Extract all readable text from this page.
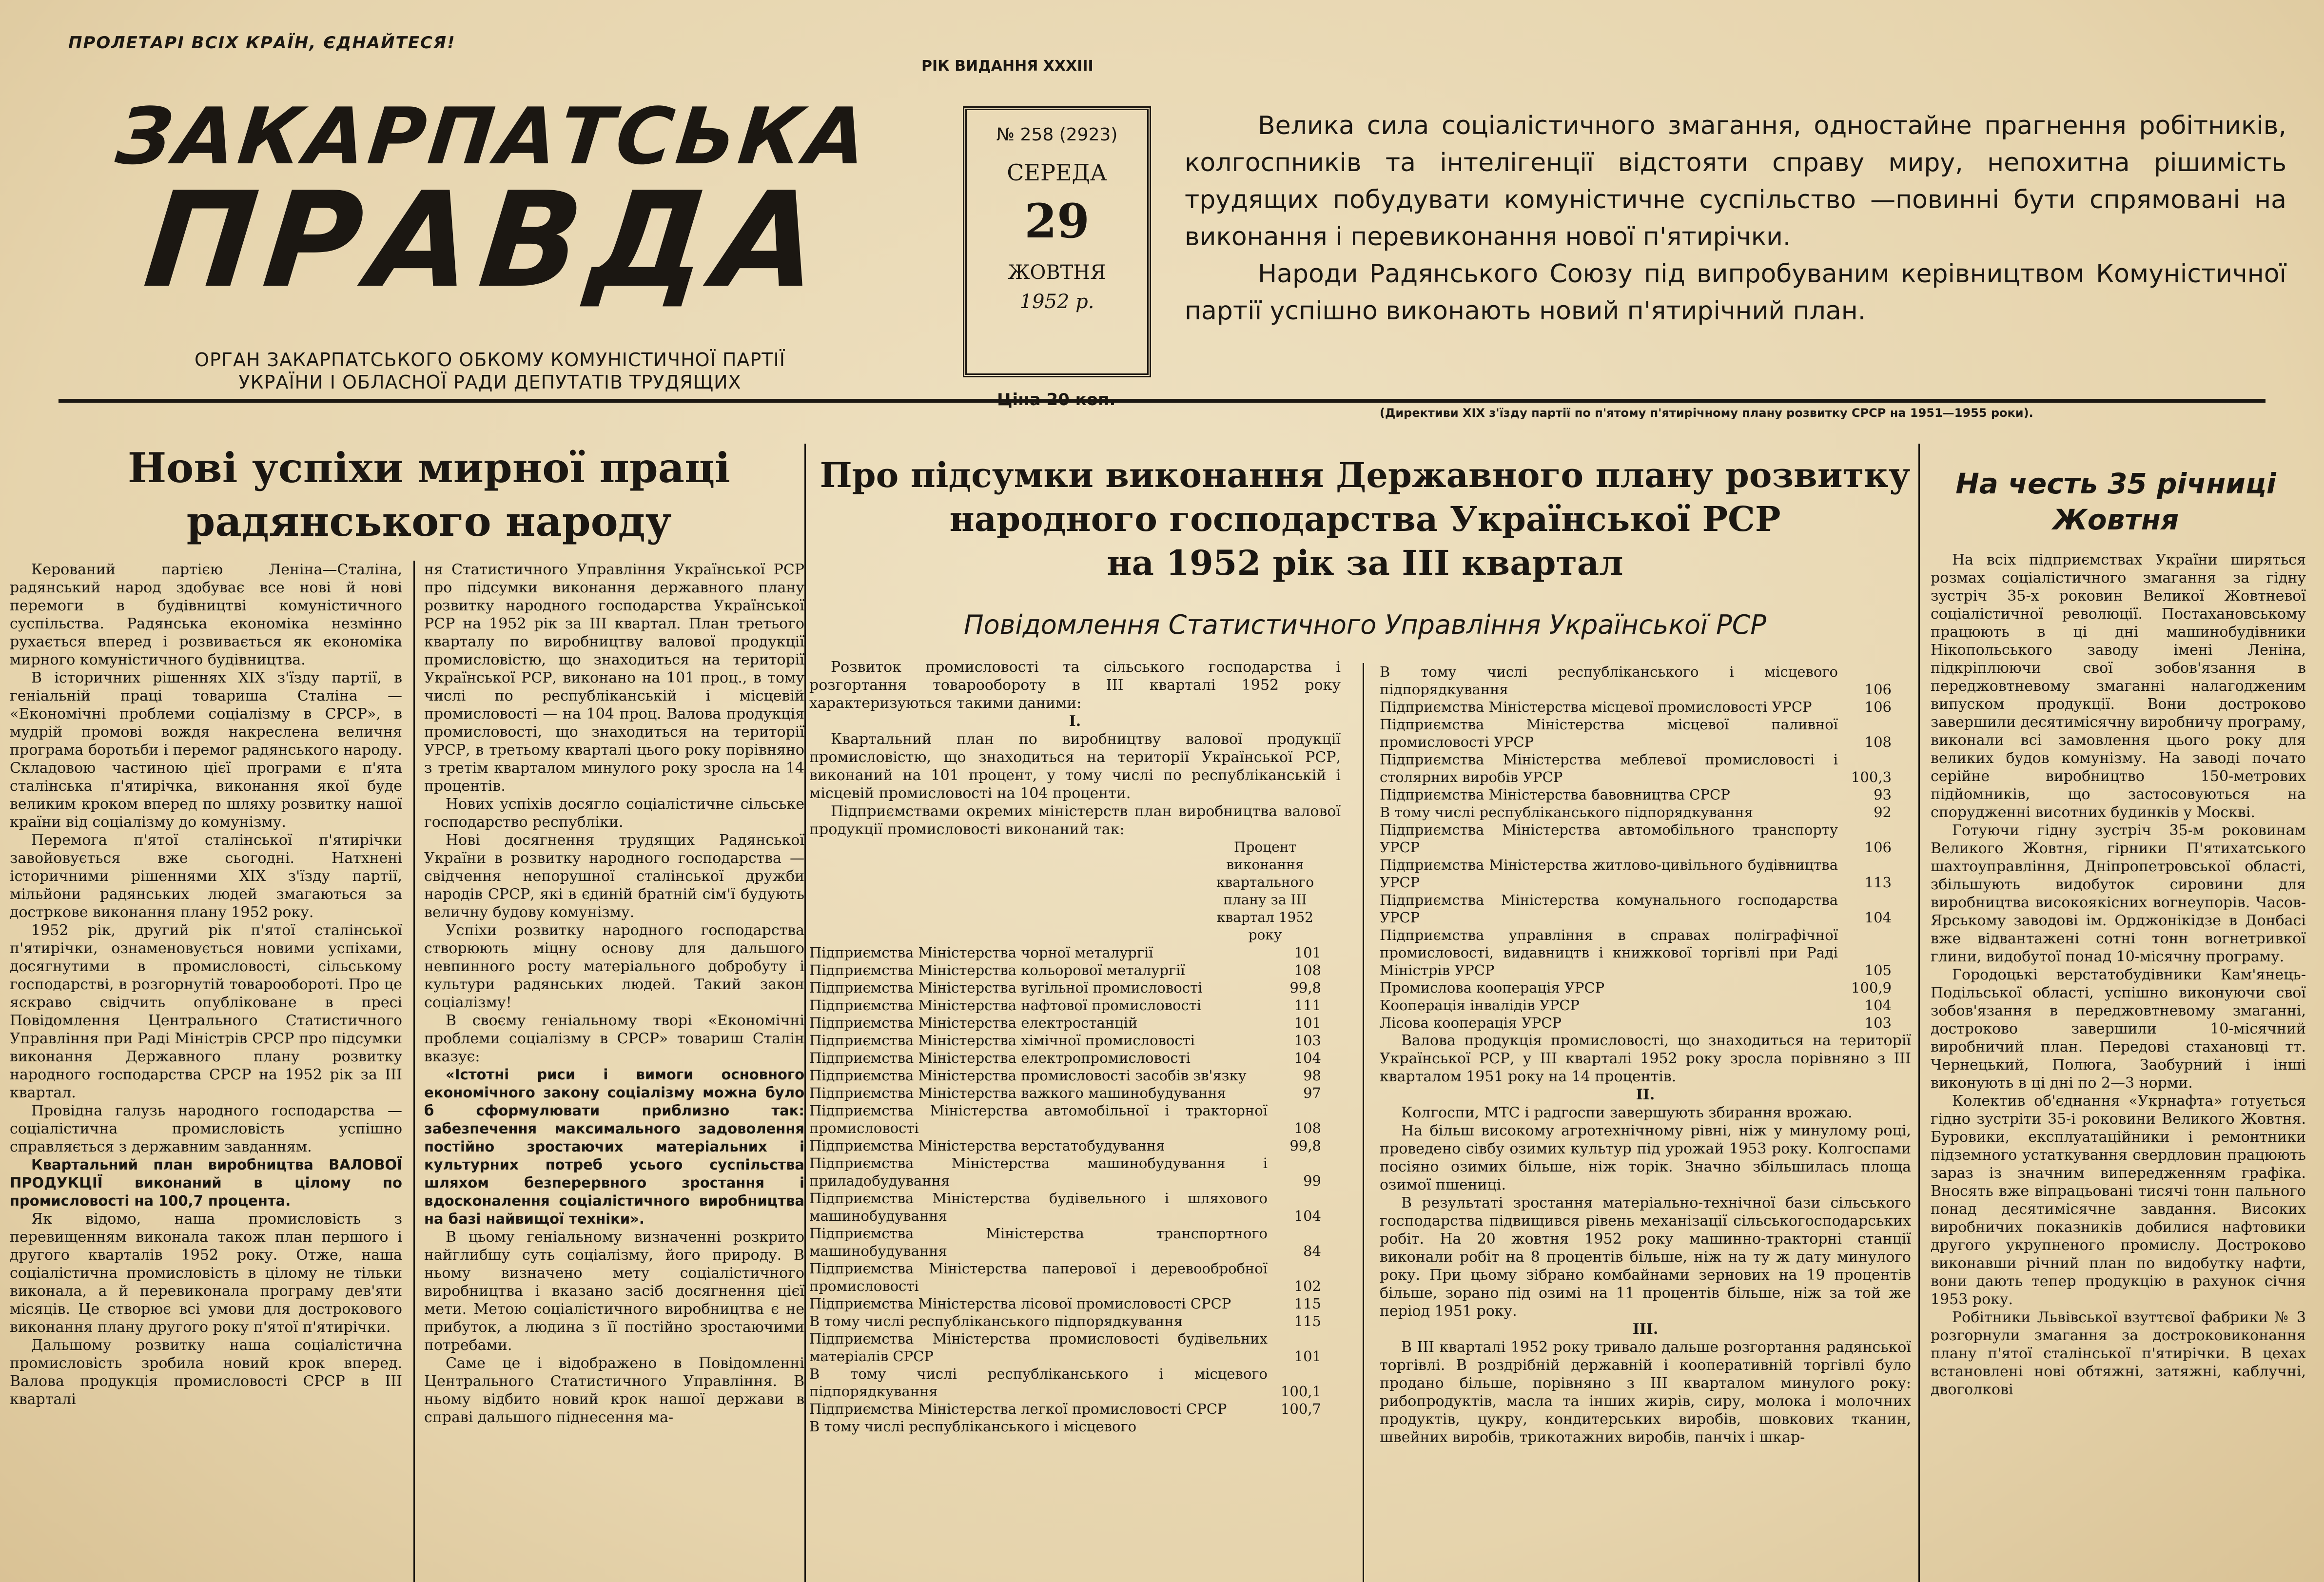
ПРОЛЕТАРІ ВСІХ КРАЇН, ЄДНАЙТЕСЯ!
ЗАКАРПАТСЬКА
ПРАВДА
ОРГАН ЗАКАРПАТСЬКОГО ОБКОМУ КОМУНІСТИЧНОЇ ПАРТІЇ
УКРАЇНИ І ОБЛАСНОЇ РАДИ ДЕПУТАТІВ ТРУДЯЩИХ
РІК ВИДАННЯ XXXIII
№ 258 (2923)
СЕРЕДА
29
ЖОВТНЯ
1952 р.
Ціна 20 коп.

Велика сила соціалістичного змагання, одностайне прагнення робітників, колгоспників та інтелігенції відстояти справу миру, непохитна рішимість трудящих побудувати комуністичне суспільство —повинні бути спрямовані на виконання і перевиконання нової п'ятирічки.

Народи Радянського Союзу під випробуваним керівництвом Комуністичної партії успішно виконають новий п'ятирічний план.

(Директиви XIX з'їзду партії по п'ятому п'ятирічному плану розвитку СРСР на 1951—1955 роки).
Нові успіхи мирної праці
радянського народу

Керований партією Леніна—Сталіна, радянський народ здобуває все нові й нові перемоги в будівництві комуністичного суспільства. Радянська економіка незмінно рухається вперед і розвивається як економіка мирного комуністичного будівництва.

В історичних рішеннях XIX з'їзду партії, в геніальній праці товариша Сталіна — «Економічні проблеми соціалізму в СРСР», в мудрій промові вождя накреслена величня програма боротьби і перемог радянського народу. Складовою частиною цієї програми є п'ята сталінська п'ятирічка, виконання якої буде великим кроком вперед по шляху розвитку нашої країни від соціалізму до комунізму.

Перемога п'ятої сталінської п'ятирічки завойовується вже сьогодні. Натхнені історичними рішеннями XIX з'їзду партії, мільйони радянських людей змагаються за достркове виконання плану 1952 року.

1952 рік, другий рік п'ятої сталінської п'ятирічки, ознаменовується новими успіхами, досягнутими в промисловості, сільському господарстві, в розгорнутій товарообороті. Про це яскраво свідчить опубліковане в пресі Повідомлення Центрального Статистичного Управління при Раді Міністрів СРСР про підсумки виконання Державного плану розвитку народного господарства СРСР на 1952 рік за III квартал.

Провідна галузь народного господарства — соціалістична промисловість успішно справляється з державним завданням.

Квартальний план виробництва ВАЛОВОЇ ПРОДУКЦІЇ виконаний в цілому по промисловості на 100,7 процента.

Як відомо, наша промисловість з перевищенням виконала також план першого і другого кварталів 1952 року. Отже, наша соціалістична промисловість в цілому не тільки виконала, а й перевиконала програму дев'яти місяців. Це створює всі умови для дострокового виконання плану другого року п'ятої п'ятирічки.

Дальшому розвитку наша соціалістична промисловість зробила новий крок вперед. Валова продукція промисловості СРСР в III кварталі

ня Статистичного Управління Української РСР про підсумки виконання державного плану розвитку народного господарства Української РСР на 1952 рік за III квартал. План третього кварталу по виробництву валової продукції промисловістю, що знаходиться на території Української РСР, виконано на 101 проц., в тому числі по республіканській і місцевій промисловості — на 104 проц. Валова продукція промисловості, що знаходиться на території УРСР, в третьому кварталі цього року порівняно з третім кварталом минулого року зросла на 14 процентів.

Нових успіхів досягло соціалістичне сільське господарство республіки.

Нові досягнення трудящих Радянської України в розвитку народного господарства — свідчення непорушної сталінської дружби народів СРСР, які в єдиній братній сім'ї будують величну будову комунізму.

Успіхи розвитку народного господарства створюють міцну основу для дальшого невпинного росту матеріального добробуту і культури радянських людей. Такий закон соціалізму!

В своєму геніальному творі «Економічні проблеми соціалізму в СРСР» товариш Сталін вказує:

«Істотні риси і вимоги основного економічного закону соціалізму можна було б сформулювати приблизно так: забезпечення максимального задоволення постійно зростаючих матеріальних і культурних потреб усього суспільства шляхом безперервного зростання і вдосконалення соціалістичного виробництва на базі найвищої техніки».

В цьому геніальному визначенні розкрито найглибшу суть соціалізму, його природу. В ньому визначено мету соціалістичного виробництва і вказано засіб досягнення цієї мети. Метою соціалістичного виробництва є не прибуток, а людина з її постійно зростаючими потребами.

Саме це і відображено в Повідомленні Центрального Статистичного Управління. В ньому відбито новий крок нашої держави в справі дальшого піднесення ма-

Про підсумки виконання Державного плану розвитку
народного господарства Української РСР
на 1952 рік за III квартал
Повідомлення Статистичного Управління Української РСР

Розвиток промисловості та сільського господарства і розгортання товарообороту в III кварталі 1952 року характеризуються такими даними:

І.

Квартальний план по виробництву валової продукції промисловістю, що знаходиться на території Української РСР, виконаний на 101 процент, у тому числі по республіканській і місцевій промисловості на 104 проценти.

Підприємствами окремих міністерств план виробництва валової продукції промисловості виконаний так:

Процент виконання квартального плану за III квартал 1952 року
Підприємства Міністерства чорної металургії	101
Підприємства Міністерства кольорової металургії	108
Підприємства Міністерства вугільної промисловості	99,8
Підприємства Міністерства нафтової промисловості	111
Підприємства Міністерства електростанцій	101
Підприємства Міністерства хімічної промисловості	103
Підприємства Міністерства електропромисловості	104
Підприємства Міністерства промисловості засобів зв'язку	98
Підприємства Міністерства важкого машинобудування	97
Підприємства Міністерства автомобільної і тракторної промисловості	108
Підприємства Міністерства верстатобудування	99,8
Підприємства Міністерства машинобудування і приладобудування	99
Підприємства Міністерства будівельного і шляхового машинобудування	104
Підприємства Міністерства транспортного машинобудування	84
Підприємства Міністерства паперової і деревообробної промисловості	102
Підприємства Міністерства лісової промисловості СРСР	115
В тому числі республіканського підпорядкування	115
Підприємства Міністерства промисловості будівельних матеріалів СРСР	101
В тому числі республіканського і місцевого підпорядкування	100,1
Підприємства Міністерства легкої промисловості СРСР	100,7
В тому числі республіканського і місцевого	
В тому числі республіканського і місцевого підпорядкування	106
Підприємства Міністерства місцевої промисловості УРСР	106
Підприємства Міністерства місцевої паливної промисловості УРСР	108
Підприємства Міністерства меблевої промисловості і столярних виробів УРСР	100,3
Підприємства Міністерства бавовництва СРСР	93
В тому числі республіканського підпорядкування	92
Підприємства Міністерства автомобільного транспорту УРСР	106
Підприємства Міністерства житлово-цивільного будівництва УРСР	113
Підприємства Міністерства комунального господарства УРСР	104
Підприємства управління в справах поліграфічної промисловості, видавництв і книжкової торгівлі при Раді Міністрів УРСР	105
Промислова кооперація УРСР	100,9
Кооперація інвалідів УРСР	104
Лісова кооперація УРСР	103

Валова продукція промисловості, що знаходиться на території Української РСР, у III кварталі 1952 року зросла порівняно з III кварталом 1951 року на 14 процентів.

II.

Колгоспи, МТС і радгоспи завершують збирання врожаю.

На більш високому агротехнічному рівні, ніж у минулому році, проведено сівбу озимих культур під урожай 1953 року. Колгоспами посіяно озимих більше, ніж торік. Значно збільшилась площа озимої пшениці.

В результаті зростання матеріально-технічної бази сільського господарства підвищився рівень механізації сільськогосподарських робіт. На 20 жовтня 1952 року машинно-тракторні станції виконали робіт на 8 процентів більше, ніж на ту ж дату минулого року. При цьому зібрано комбайнами зернових на 19 процентів більше, зорано під озимі на 11 процентів більше, ніж за той же період 1951 року.

III.

В III кварталі 1952 року тривало дальше розгортання радянської торгівлі. В роздрібній державній і кооперативній торгівлі було продано більше, порівняно з III кварталом минулого року: рибопродуктів, масла та інших жирів, сиру, молока і молочних продуктів, цукру, кондитерських виробів, шовкових тканин, швейних виробів, трикотажних виробів, панчіх і шкар-

На честь 35 річниці
Жовтня

На всіх підприємствах України ширяться розмах соціалістичного змагання за гідну зустріч 35-х роковин Великої Жовтневої соціалістичної революції. Постахановському працюють в ці дні машинобудівники Нікопольського заводу імені Леніна, підкріплюючи свої зобов'язання в переджовтневому змаганні налагодженим випуском продукції. Вони достроково завершили десятимісячну виробничу програму, виконали всі замовлення цього року для великих будов комунізму. На заводі почато серійне виробництво 150-метрових підйомників, що застосовуються на спорудженні висотних будинків у Москві.

Готуючи гідну зустріч 35-м роковинам Великого Жовтня, гірники П'ятихатського шахтоуправління, Дніпропетровської області, збільшують видобуток сировини для виробництва високоякісних вогнеупорів. Часов-Ярському заводові ім. Орджонікідзе в Донбасі вже відвантажені сотні тонн вогнетривкої глини, видобутої понад 10-місячну програму.

Городоцькі верстатобудівники Кам'янець-Подільської області, успішно виконуючи свої зобов'язання в переджовтневому змаганні, достроково завершили 10-місячний виробничий план. Передові стахановці тт. Чернецький, Полюга, Заобурний і інші виконують в ці дні по 2—3 норми.

Колектив об'єднання «Укрнафта» готується гідно зустріти 35-і роковини Великого Жовтня. Буровики, експлуатаційники і ремонтники підземного устаткування свердловин працюють зараз із значним випередженням графіка. Вносять вже віпрацьовані тисячі тонн пального понад десятимісячне завдання. Високих виробничих показників добилися нафтовики другого укрупненого промислу. Достроково виконавши річний план по видобутку нафти, вони дають тепер продукцію в рахунок січня 1953 року.

Робітники Львівської взуттєвої фабрики № 3 розгорнули змагання за достроковиконання плану п'ятої сталінської п'ятирічки. В цехах встановлені нові обтяжні, затяжні, каблучні, двоголкові
